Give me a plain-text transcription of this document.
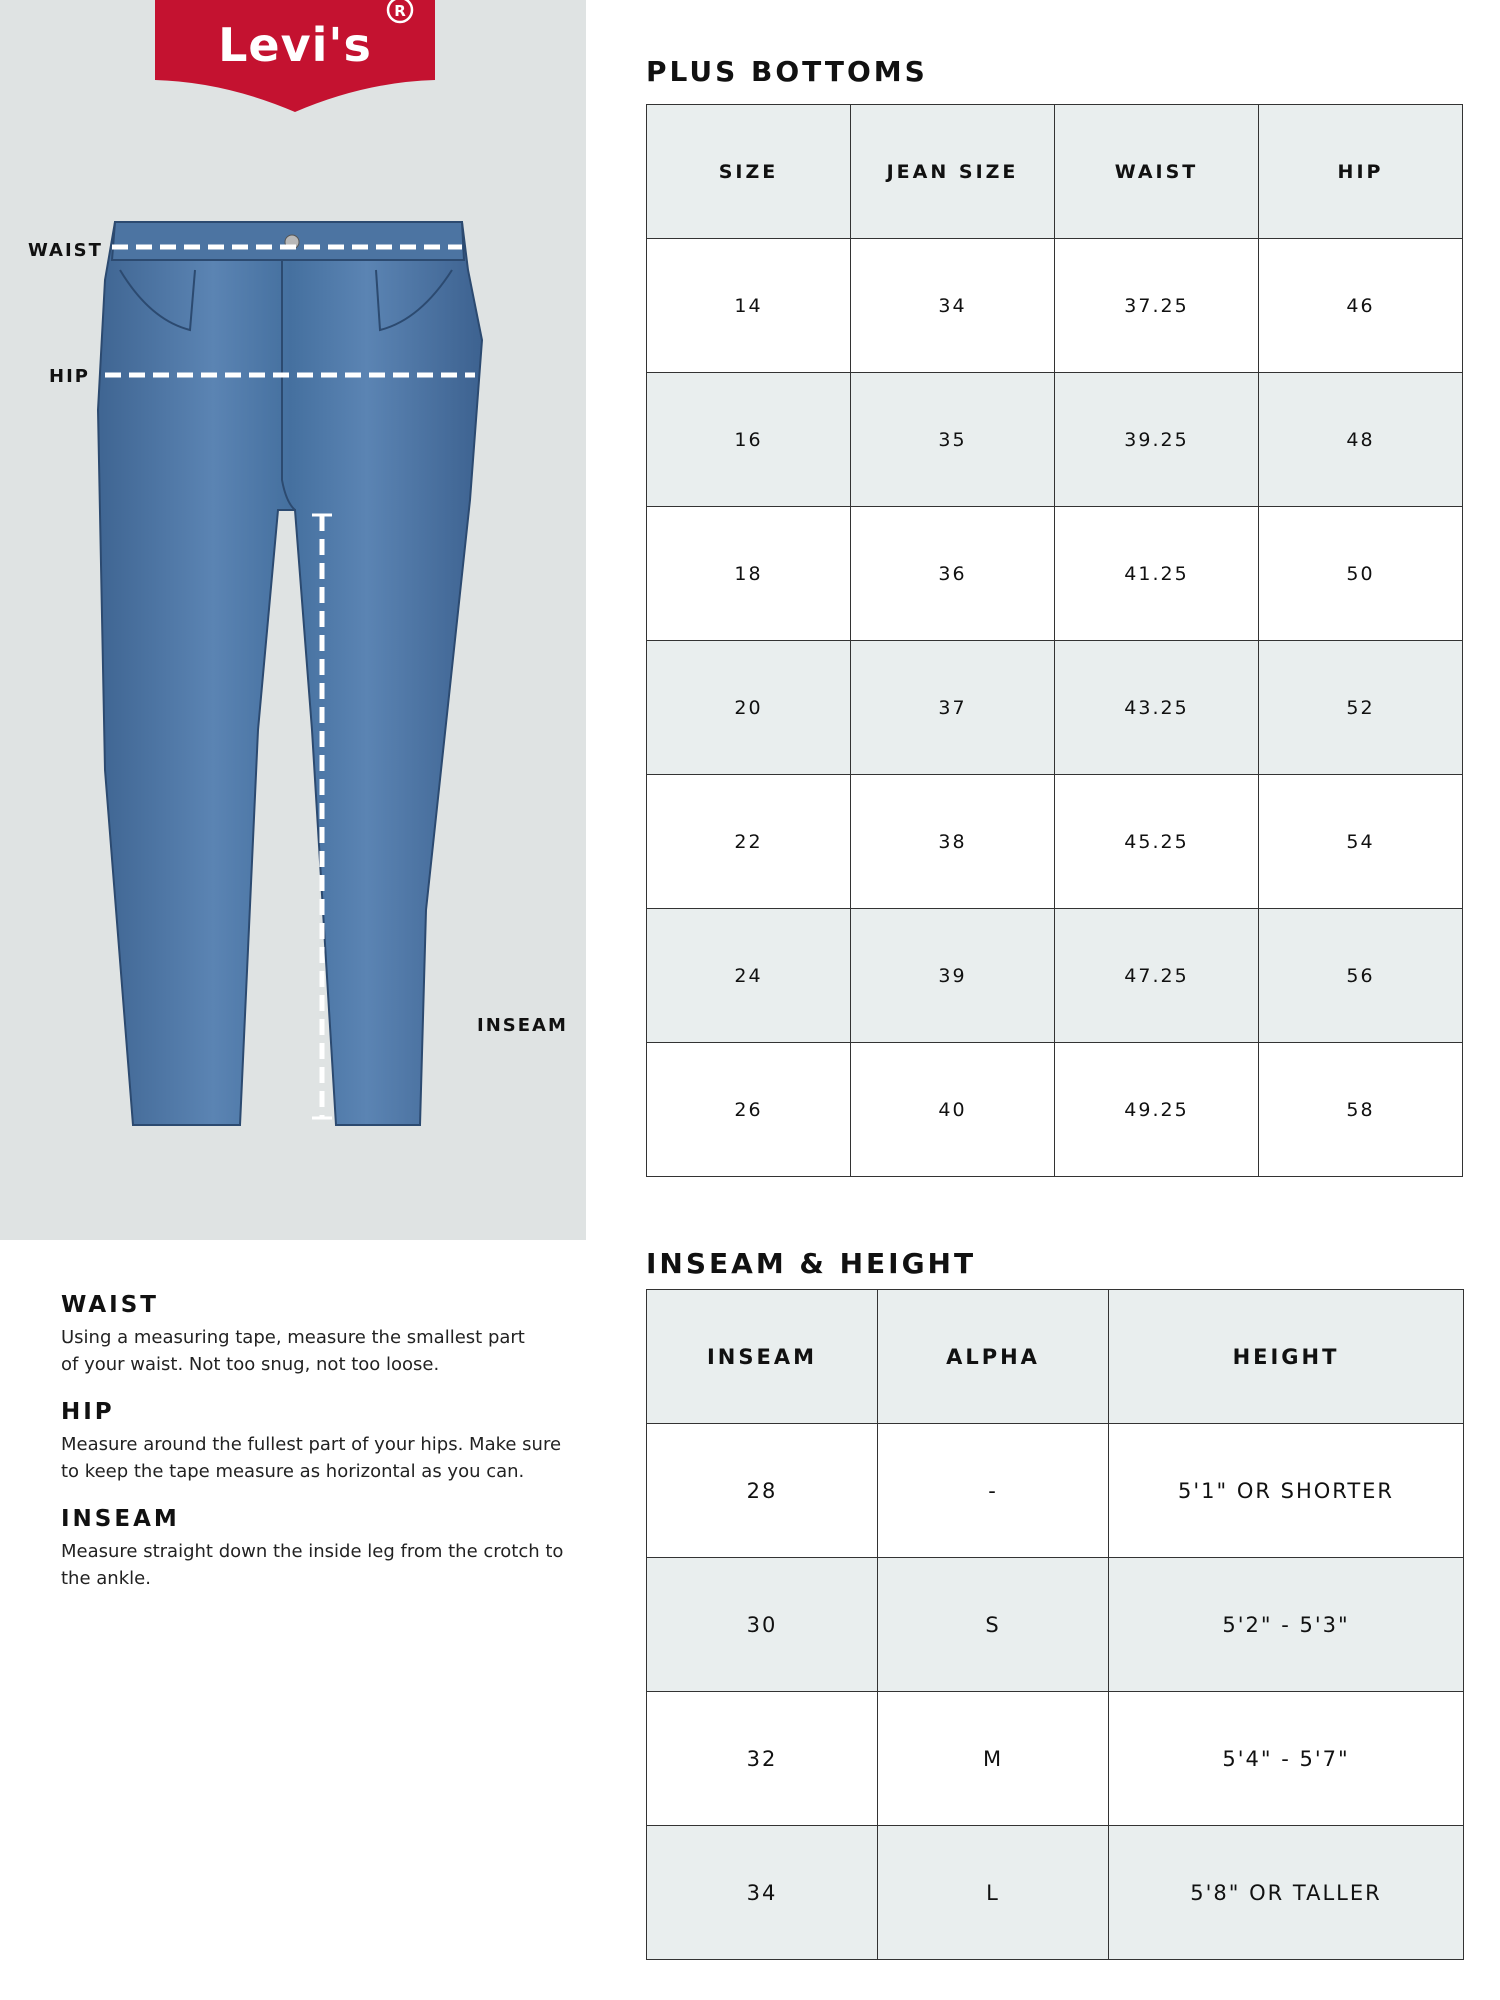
R
Levi's
WAIST
HIP
INSEAM
PLUS BOTTOMS
SIZE	JEAN SIZE	WAIST	HIP
14	34	37.25	46
16	35	39.25	48
18	36	41.25	50
20	37	43.25	52
22	38	45.25	54
24	39	47.25	56
26	40	49.25	58
INSEAM & HEIGHT
INSEAM	ALPHA	HEIGHT
28	-	5'1" OR SHORTER
30	S	5'2" - 5'3"
32	M	5'4" - 5'7"
34	L	5'8" OR TALLER
WAIST

Using a measuring tape, measure the smallest part

of your waist. Not too snug, not too loose.

HIP

Measure around the fullest part of your hips. Make sure

to keep the tape measure as horizontal as you can.

INSEAM

Measure straight down the inside leg from the crotch to

the ankle.
